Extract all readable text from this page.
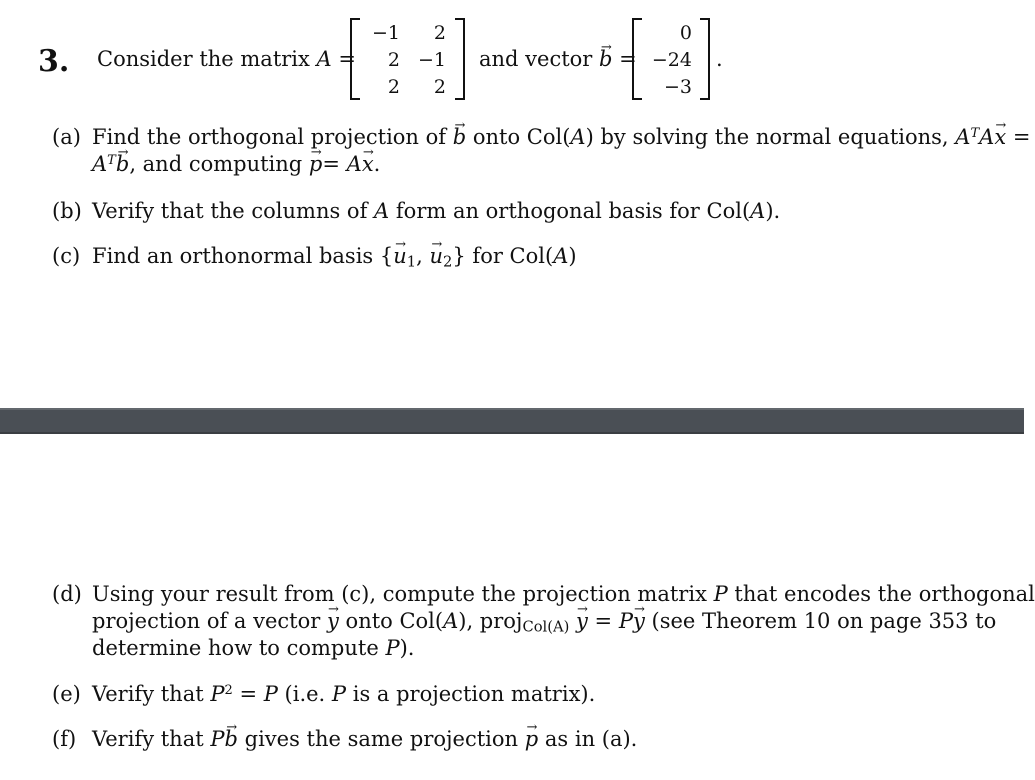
3. Consider the matrix A =
−1	2
2 −1
2	2
and vector → b =
0
−24
−3
.
(a) Find the orthogonal projection of → b onto Col(A) by solving the normal equations, $A^TA\to x$ =
$A^T\to b$, and computing → p= A→ x.
(b) Verify that the columns of A form an orthogonal basis for Col(A).
(c) Find an orthonormal basis {→ $u_1$, → $u_2$} for Col(A)
(d) Using your result from (c), compute the projection matrix P that encodes the orthogonal
projection of a vector → y onto Col(A), proj$_{Col(A)}$ → y = P→ y (see Theorem 10 on page 353 to
determine how to compute P).
(e) Verify that $P^2 = P$ (i.e. P is a projection matrix).
(f) Verify that P→ b gives the same projection → p as in (a).
